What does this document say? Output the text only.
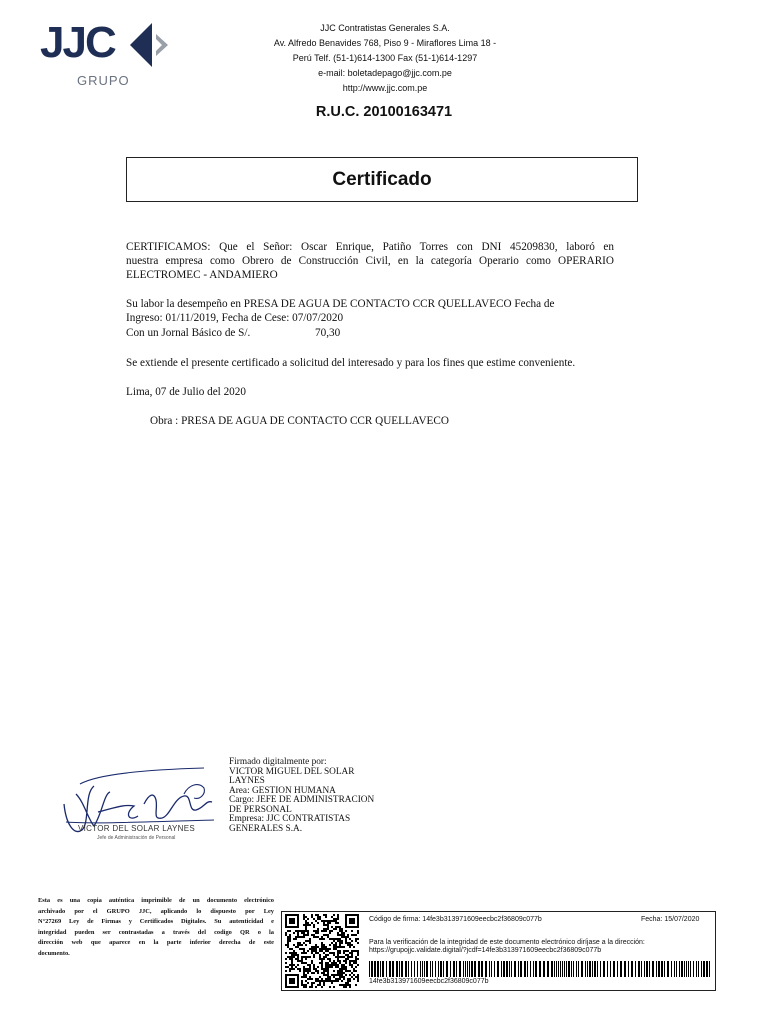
JJC
GRUPO
JJC Contratistas Generales S.A.
Av. Alfredo Benavides 768, Piso 9 - Miraflores Lima 18 -
Perú Telf. (51-1)614-1300 Fax (51-1)614-1297
e-mail: boletadepago@jjc.com.pe
http://www.jjc.com.pe
R.U.C. 20100163471
Certificado
CERTIFICAMOS: Que el Señor: Oscar Enrique, Patiño Torres con DNI 45209830, laboró en
nuestra empresa como Obrero de Construcción Civil, en la categoría Operario como OPERARIO
ELECTROMEC - ANDAMIERO
Su labor la desempeño en PRESA DE AGUA DE CONTACTO CCR QUELLAVECO Fecha de
Ingreso: 01/11/2019, Fecha de Cese: 07/07/2020
Con un Jornal Básico de S/.	70,30
Se extiende el presente certificado a solicitud del interesado y para los fines que estime conveniente.
Lima, 07 de Julio del 2020
Obra : PRESA DE AGUA DE CONTACTO CCR QUELLAVECO
VICTOR DEL SOLAR LAYNES
Jefe de Administración de Personal
Firmado digitalmente por:
VICTOR MIGUEL DEL SOLAR
LAYNES
Area: GESTION HUMANA
Cargo: JEFE DE ADMINISTRACION
DE PERSONAL
Empresa: JJC CONTRATISTAS
GENERALES S.A.
Esta es una copia auténtica imprimible de un documento electrónico
archivado por el GRUPO JJC, aplicando lo dispuesto por Ley
N°27269 Ley de Firmas y Certificados Digitales. Su autenticidad e
integridad pueden ser contrastadas a través del codigo QR o la
dirección web que aparece en la parte inferior derecha de este
documento.
Código de firma: 14fe3b313971609eecbc2f36809c077b	Fecha: 15/07/2020
Para la verificación de la integridad de este documento electrónico diríjase a la dirección:
https://grupojjc.validate.digital/?jcdf=14fe3b313971609eecbc2f36809c077b
14fe3b313971609eecbc2f36809c077b
